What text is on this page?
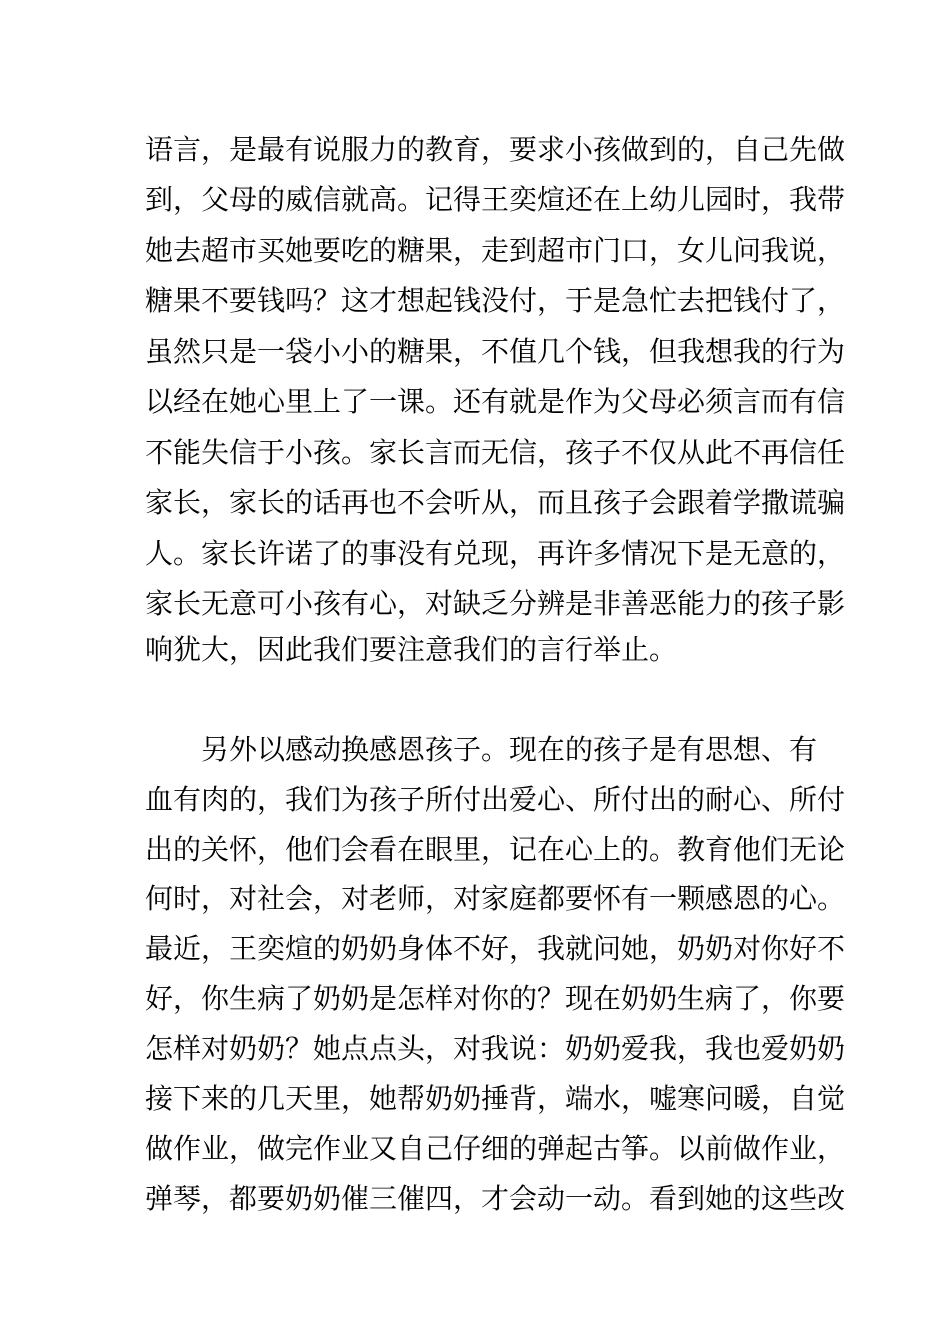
语言，是最有说服力的教育，要求小孩做到的，自己先做
到，父母的威信就高。记得王奕煊还在上幼儿园时，我带
她去超市买她要吃的糖果，走到超市门口，女儿问我说，
糖果不要钱吗？这才想起钱没付，于是急忙去把钱付了，
虽然只是一袋小小的糖果，不值几个钱，但我想我的行为
以经在她心里上了一课。还有就是作为父母必须言而有信
不能失信于小孩。家长言而无信，孩子不仅从此不再信任
家长，家长的话再也不会听从，而且孩子会跟着学撒谎骗
人。家长许诺了的事没有兑现，再许多情况下是无意的，
家长无意可小孩有心，对缺乏分辨是非善恶能力的孩子影
响犹大，因此我们要注意我们的言行举止。
另外以感动换感恩孩子。现在的孩子是有思想、有
血有肉的，我们为孩子所付出爱心、所付出的耐心、所付
出的关怀，他们会看在眼里，记在心上的。教育他们无论
何时，对社会，对老师，对家庭都要怀有一颗感恩的心。
最近，王奕煊的奶奶身体不好，我就问她，奶奶对你好不
好，你生病了奶奶是怎样对你的？现在奶奶生病了，你要
怎样对奶奶？她点点头，对我说：奶奶爱我，我也爱奶奶
接下来的几天里，她帮奶奶捶背，端水，嘘寒问暖，自觉
做作业，做完作业又自己仔细的弹起古筝。以前做作业，
弹琴，都要奶奶催三催四，才会动一动。看到她的这些改
